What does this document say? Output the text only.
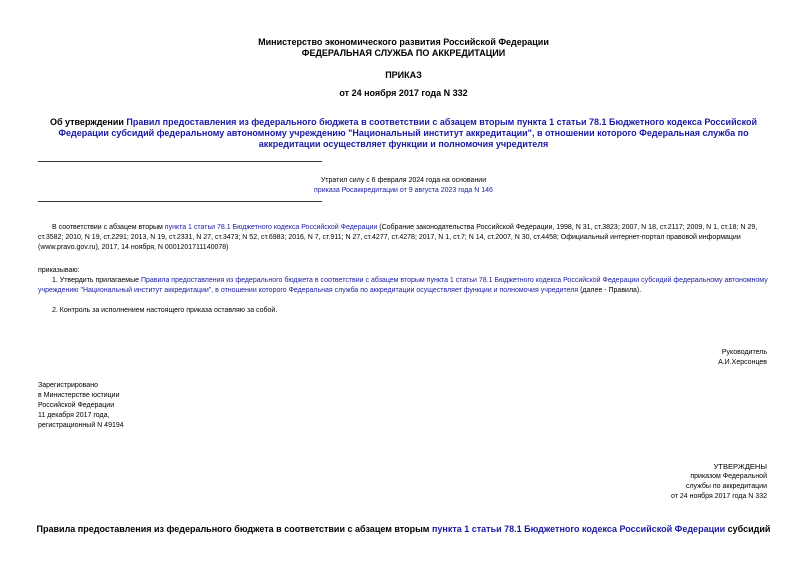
Министерство экономического развития Российской Федерации
ФЕДЕРАЛЬНАЯ СЛУЖБА ПО АККРЕДИТАЦИИ
ПРИКАЗ
от 24 ноября 2017 года N 332
Об утверждении Правил предоставления из федерального бюджета в соответствии с абзацем вторым пункта 1 статьи 78.1 Бюджетного кодекса Российской Федерации субсидий федеральному автономному учреждению "Национальный институт аккредитации", в отношении которого Федеральная служба по аккредитации осуществляет функции и полномочия учредителя
Утратил силу с 6 февраля 2024 года на основании
приказа Росаккредитации от 9 августа 2023 года N 146
В соответствии с абзацем вторым пункта 1 статьи 78.1 Бюджетного кодекса Российской Федерации (Собрание законодательства Российской Федерации, 1998, N 31, ст.3823; 2007, N 18, ст.2117; 2009, N 1, ст.18; N 29, ст.3582; 2010, N 19, ст.2291; 2013, N 19, ст.2331, N 27, ст.3473; N 52, ст.6983; 2016, N 7, ст.911; N 27, ст.4277, ст.4278; 2017, N 1, ст.7; N 14, ст.2007, N 30, ст.4458; Официальный интернет-портал правовой информации (www.pravo.gov.ru), 2017, 14 ноября, N 0001201711140078)
приказываю:
1. Утвердить прилагаемые Правила предоставления из федерального бюджета в соответствии с абзацем вторым пункта 1 статьи 78.1 Бюджетного кодекса Российской Федерации субсидий федеральному автономному учреждению "Национальный институт аккредитации", в отношении которого Федеральная служба по аккредитации осуществляет функции и полномочия учредителя (далее - Правила).
2. Контроль за исполнением настоящего приказа оставляю за собой.
Руководитель
А.И.Херсонцев
Зарегистрировано
в Министерстве юстиции
Российской Федерации
11 декабря 2017 года,
регистрационный N 49194
УТВЕРЖДЕНЫ
приказом Федеральной
службы по аккредитации
от 24 ноября 2017 года N 332
Правила предоставления из федерального бюджета в соответствии с абзацем вторым пункта 1 статьи 78.1 Бюджетного кодекса Российской Федерации субсидий
